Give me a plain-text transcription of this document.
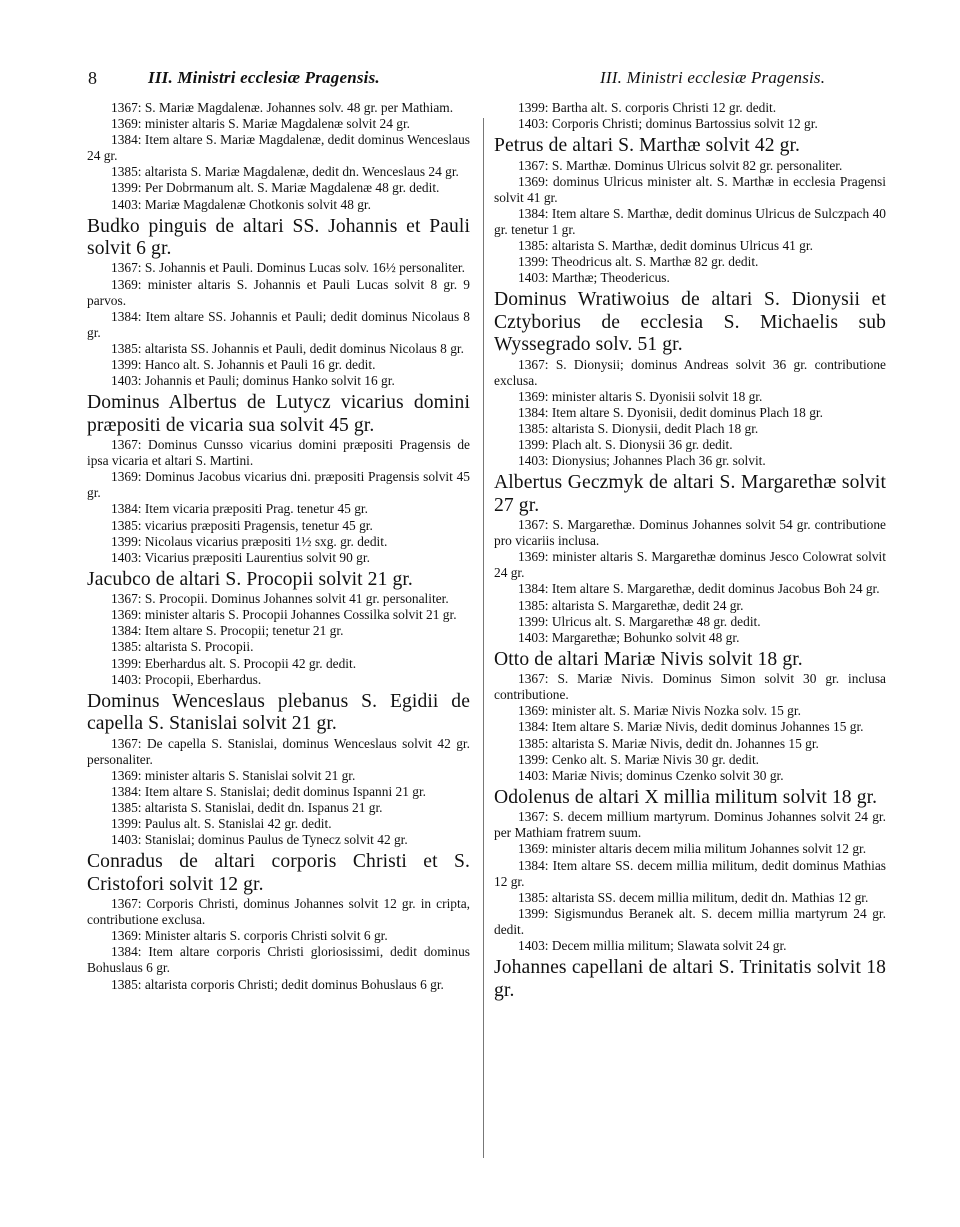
8	III. Ministri ecclesiæ Pragensis.	III. Ministri ecclesiæ Pragensis.

1367: S. Mariæ Magdalenæ. Johannes solv. 48 gr. per Mathiam.

1369: minister altaris S. Mariæ Magdalenæ solvit 24 gr.

1384: Item altare S. Mariæ Magdalenæ, dedit dominus Wenceslaus 24 gr.

1385: altarista S. Mariæ Magdalenæ, dedit dn. Wenceslaus 24 gr.

1399: Per Dobrmanum alt. S. Mariæ Magdalenæ 48 gr. dedit.

1403: Mariæ Magdalenæ Chotkonis solvit 48 gr.

Budko pinguis de altari SS. Johannis et Pauli solvit 6 gr.

1367: S. Johannis et Pauli. Dominus Lucas solv. 16½ personaliter.

1369: minister altaris S. Johannis et Pauli Lucas solvit 8 gr. 9 parvos.

1384: Item altare SS. Johannis et Pauli; dedit dominus Nicolaus 8 gr.

1385: altarista SS. Johannis et Pauli, dedit dominus Nicolaus 8 gr.

1399: Hanco alt. S. Johannis et Pauli 16 gr. dedit.

1403: Johannis et Pauli; dominus Hanko solvit 16 gr.

Dominus Albertus de Lutycz vicarius domini præpositi de vicaria sua solvit 45 gr.

1367: Dominus Cunsso vicarius domini præpositi Pragensis de ipsa vicaria et altari S. Martini.

1369: Dominus Jacobus vicarius dni. præpositi Pragensis solvit 45 gr.

1384: Item vicaria præpositi Prag. tenetur 45 gr.

1385: vicarius præpositi Pragensis, tenetur 45 gr.

1399: Nicolaus vicarius præpositi 1½ sxg. gr. dedit.

1403: Vicarius præpositi Laurentius solvit 90 gr.

Jacubco de altari S. Procopii solvit 21 gr.

1367: S. Procopii. Dominus Johannes solvit 41 gr. personaliter.

1369: minister altaris S. Procopii Johannes Cossilka solvit 21 gr.

1384: Item altare S. Procopii; tenetur 21 gr.

1385: altarista S. Procopii.

1399: Eberhardus alt. S. Procopii 42 gr. dedit.

1403: Procopii, Eberhardus.

Dominus Wenceslaus plebanus S. Egidii de capella S. Stanislai solvit 21 gr.

1367: De capella S. Stanislai, dominus Wenceslaus solvit 42 gr. personaliter.

1369: minister altaris S. Stanislai solvit 21 gr.

1384: Item altare S. Stanislai; dedit dominus Ispanni 21 gr.

1385: altarista S. Stanislai, dedit dn. Ispanus 21 gr.

1399: Paulus alt. S. Stanislai 42 gr. dedit.

1403: Stanislai; dominus Paulus de Tynecz solvit 42 gr.

Conradus de altari corporis Christi et S. Cristofori solvit 12 gr.

1367: Corporis Christi, dominus Johannes solvit 12 gr. in cripta, contributione exclusa.

1369: Minister altaris S. corporis Christi solvit 6 gr.

1384: Item altare corporis Christi gloriosissimi, dedit dominus Bohuslaus 6 gr.

1385: altarista corporis Christi; dedit dominus Bohuslaus 6 gr.

1399: Bartha alt. S. corporis Christi 12 gr. dedit.

1403: Corporis Christi; dominus Bartossius solvit 12 gr.

Petrus de altari S. Marthæ solvit 42 gr.

1367: S. Marthæ. Dominus Ulricus solvit 82 gr. personaliter.

1369: dominus Ulricus minister alt. S. Marthæ in ecclesia Pragensi solvit 41 gr.

1384: Item altare S. Marthæ, dedit dominus Ulricus de Sulczpach 40 gr. tenetur 1 gr.

1385: altarista S. Marthæ, dedit dominus Ulricus 41 gr.

1399: Theodricus alt. S. Marthæ 82 gr. dedit.

1403: Marthæ; Theodericus.

Dominus Wratiwoius de altari S. Dionysii et Cztyborius de ecclesia S. Michaelis sub Wyssegrado solv. 51 gr.

1367: S. Dionysii; dominus Andreas solvit 36 gr. contributione exclusa.

1369: minister altaris S. Dyonisii solvit 18 gr.

1384: Item altare S. Dyonisii, dedit dominus Plach 18 gr.

1385: altarista S. Dionysii, dedit Plach 18 gr.

1399: Plach alt. S. Dionysii 36 gr. dedit.

1403: Dionysius; Johannes Plach 36 gr. solvit.

Albertus Geczmyk de altari S. Margarethæ solvit 27 gr.

1367: S. Margarethæ. Dominus Johannes solvit 54 gr. contributione pro vicariis inclusa.

1369: minister altaris S. Margarethæ dominus Jesco Colowrat solvit 24 gr.

1384: Item altare S. Margarethæ, dedit dominus Jacobus Boh 24 gr.

1385: altarista S. Margarethæ, dedit 24 gr.

1399: Ulricus alt. S. Margarethæ 48 gr. dedit.

1403: Margarethæ; Bohunko solvit 48 gr.

Otto de altari Mariæ Nivis solvit 18 gr.

1367: S. Mariæ Nivis. Dominus Simon solvit 30 gr. inclusa contributione.

1369: minister alt. S. Mariæ Nivis Nozka solv. 15 gr.

1384: Item altare S. Mariæ Nivis, dedit dominus Johannes 15 gr.

1385: altarista S. Mariæ Nivis, dedit dn. Johannes 15 gr.

1399: Cenko alt. S. Mariæ Nivis 30 gr. dedit.

1403: Mariæ Nivis; dominus Czenko solvit 30 gr.

Odolenus de altari X millia militum solvit 18 gr.

1367: S. decem millium martyrum. Dominus Johannes solvit 24 gr. per Mathiam fratrem suum.

1369: minister altaris decem milia militum Johannes solvit 12 gr.

1384: Item altare SS. decem millia militum, dedit dominus Mathias 12 gr.

1385: altarista SS. decem millia militum, dedit dn. Mathias 12 gr.

1399: Sigismundus Beranek alt. S. decem millia martyrum 24 gr. dedit.

1403: Decem millia militum; Slawata solvit 24 gr.

Johannes capellani de altari S. Trinitatis solvit 18 gr.
